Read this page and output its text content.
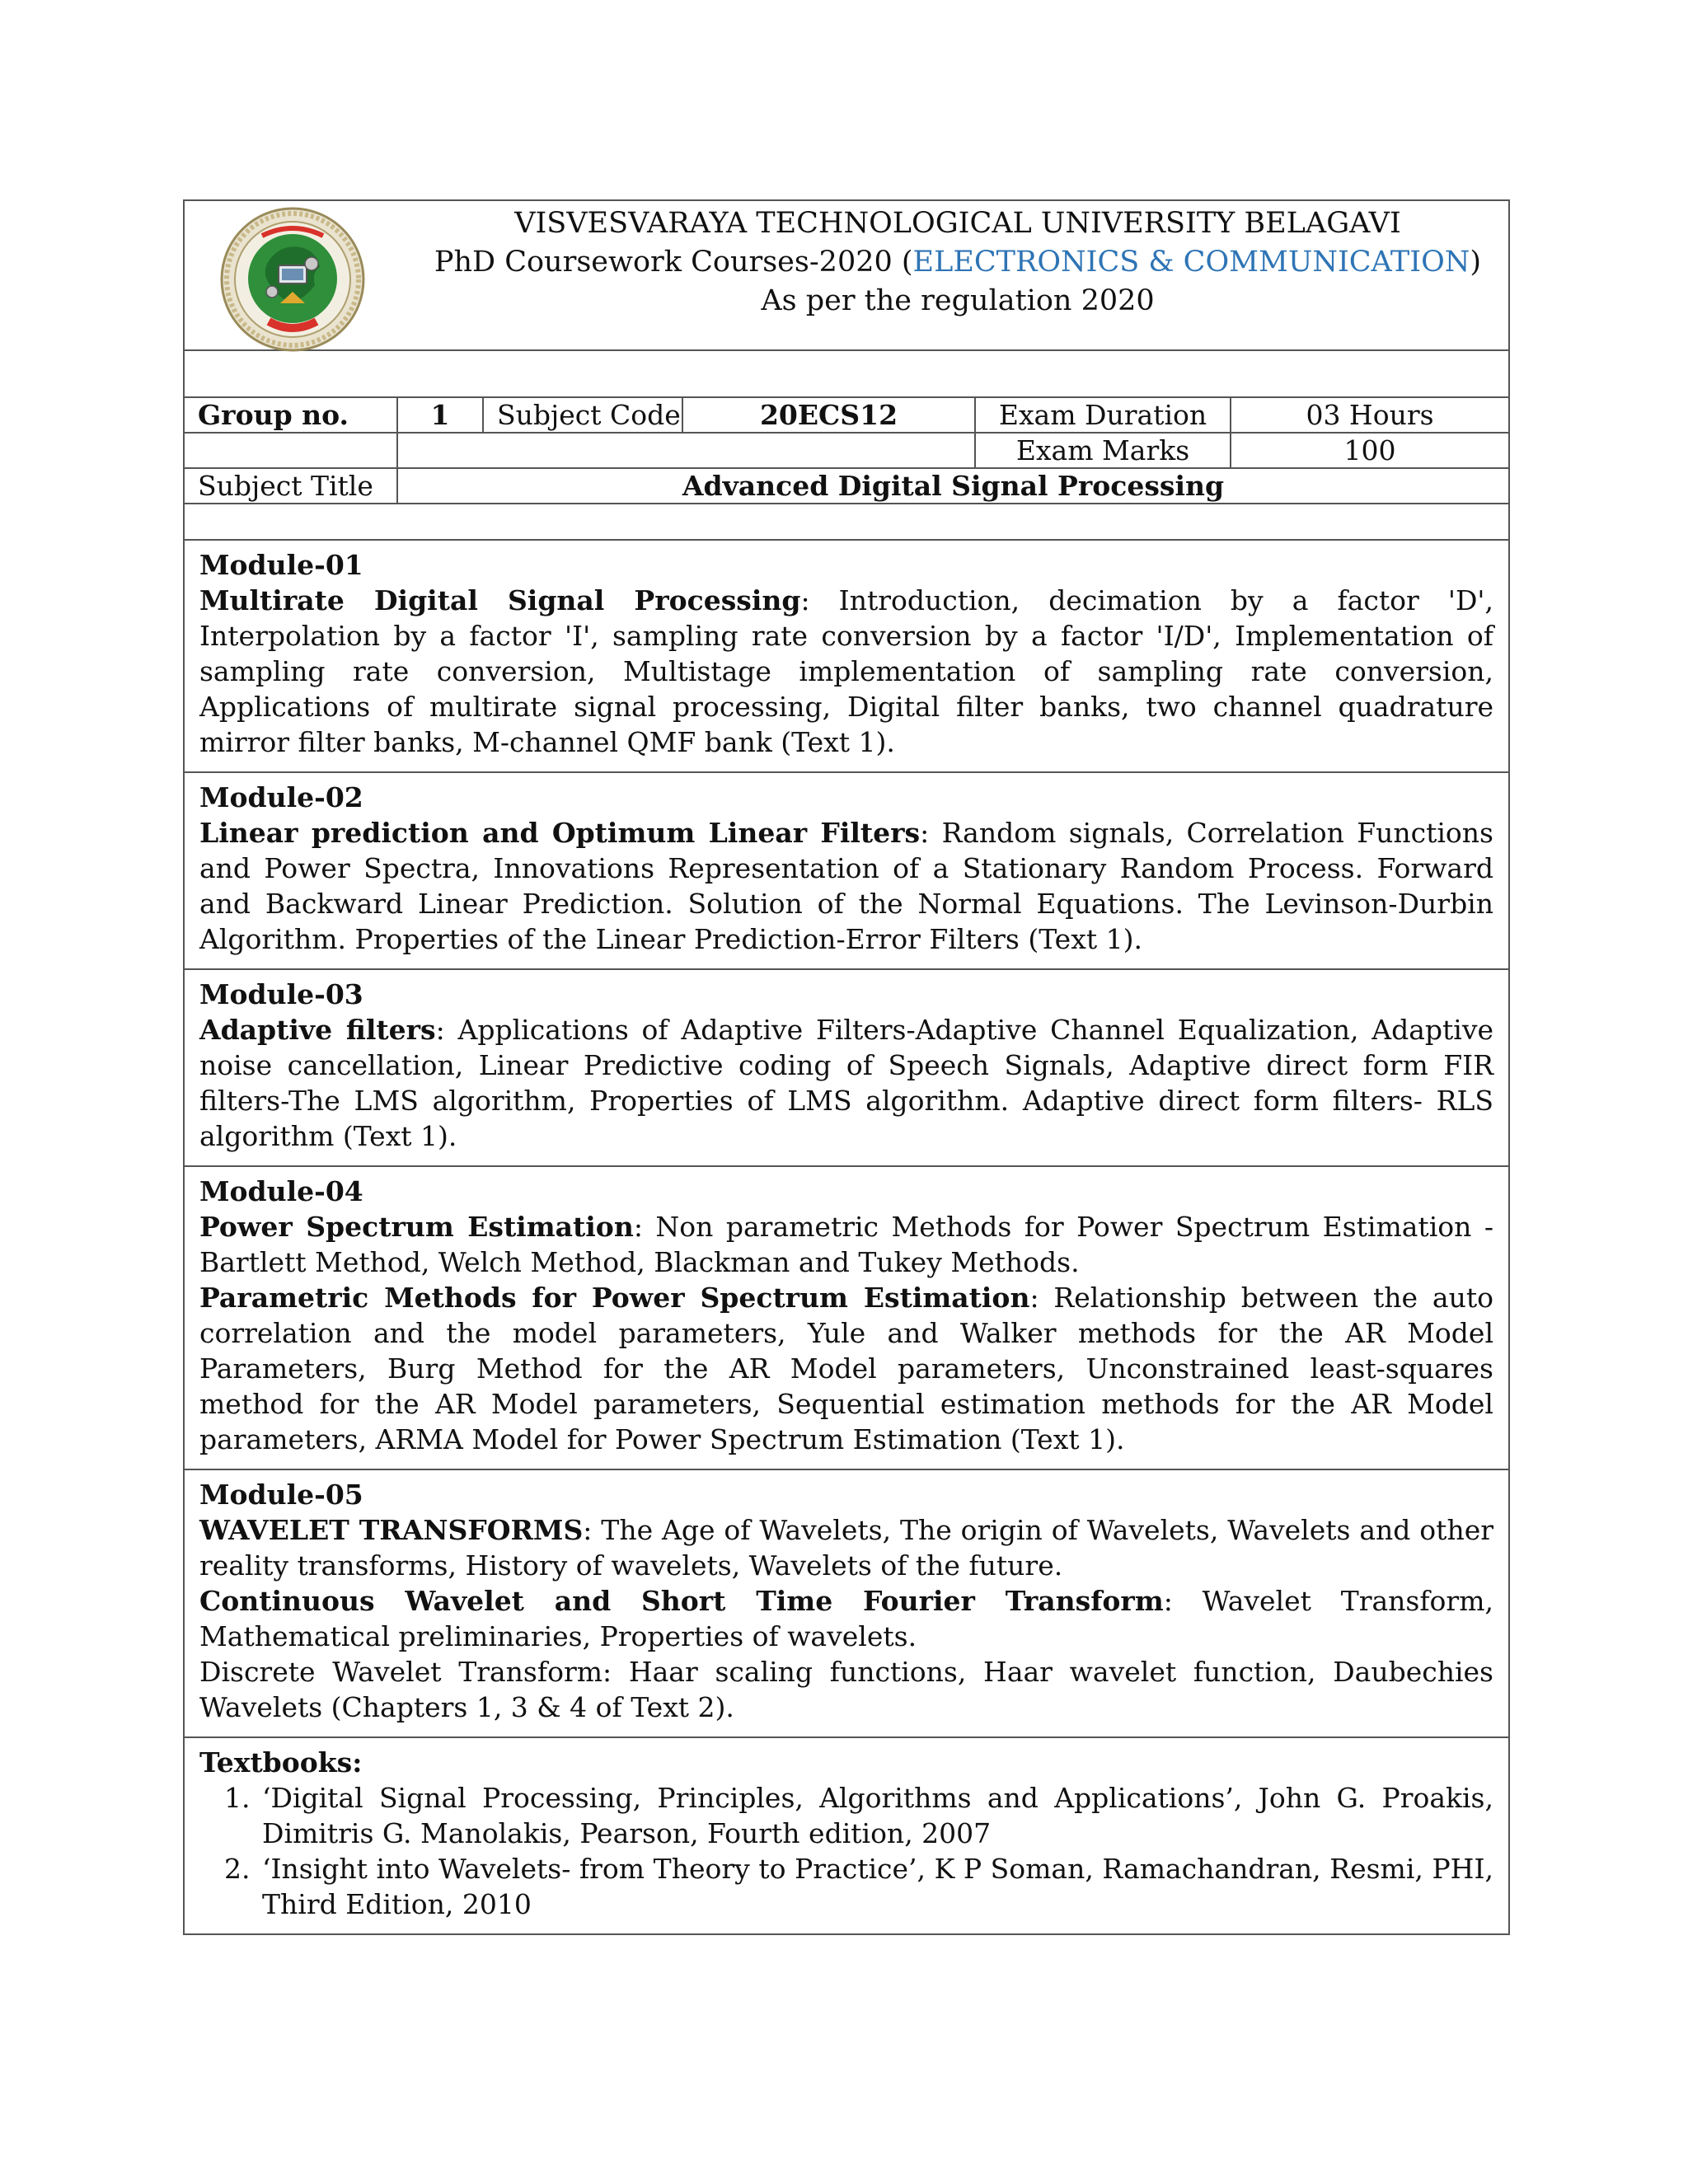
VISVESVARAYA TECHNOLOGICAL UNIVERSITY BELAGAVI
PhD Coursework Courses-2020 (ELECTRONICS & COMMUNICATION)
As per the regulation 2020
Group no.	1	Subject Code	20ECS12	Exam Duration	03 Hours
				Exam Marks	100
Subject Title	Advanced Digital Signal Processing				
Module-01

Multirate Digital Signal Processing: Introduction, decimation by a factor 'D', Interpolation by a factor 'I', sampling rate conversion by a factor 'I/D', Implementation of sampling rate conversion, Multistage implementation of sampling rate conversion, Applications of multirate signal processing, Digital filter banks, two channel quadrature mirror filter banks, M-channel QMF bank (Text 1).

Module-02

Linear prediction and Optimum Linear Filters: Random signals, Correlation Functions and Power Spectra, Innovations Representation of a Stationary Random Process. Forward and Backward Linear Prediction. Solution of the Normal Equations. The Levinson-Durbin Algorithm. Properties of the Linear Prediction-Error Filters (Text 1).

Module-03

Adaptive filters: Applications of Adaptive Filters-Adaptive Channel Equalization, Adaptive noise cancellation, Linear Predictive coding of Speech Signals, Adaptive direct form FIR filters-The LMS algorithm, Properties of LMS algorithm. Adaptive direct form filters- RLS algorithm (Text 1).

Module-04

Power Spectrum Estimation: Non parametric Methods for Power Spectrum Estimation - Bartlett Method, Welch Method, Blackman and Tukey Methods.

Parametric Methods for Power Spectrum Estimation: Relationship between the auto correlation and the model parameters, Yule and Walker methods for the AR Model Parameters, Burg Method for the AR Model parameters, Unconstrained least-squares method for the AR Model parameters, Sequential estimation methods for the AR Model parameters, ARMA Model for Power Spectrum Estimation (Text 1).

Module-05

WAVELET TRANSFORMS: The Age of Wavelets, The origin of Wavelets, Wavelets and other reality transforms, History of wavelets, Wavelets of the future.

Continuous Wavelet and Short Time Fourier Transform: Wavelet Transform, Mathematical preliminaries, Properties of wavelets.

Discrete Wavelet Transform: Haar scaling functions, Haar wavelet function, Daubechies Wavelets (Chapters 1, 3 & 4 of Text 2).

Textbooks:
1. ‘Digital Signal Processing, Principles, Algorithms and Applications’, John G. Proakis, Dimitris G. Manolakis, Pearson, Fourth edition, 2007
2. ‘Insight into Wavelets- from Theory to Practice’, K P Soman, Ramachandran, Resmi, PHI, Third Edition, 2010
